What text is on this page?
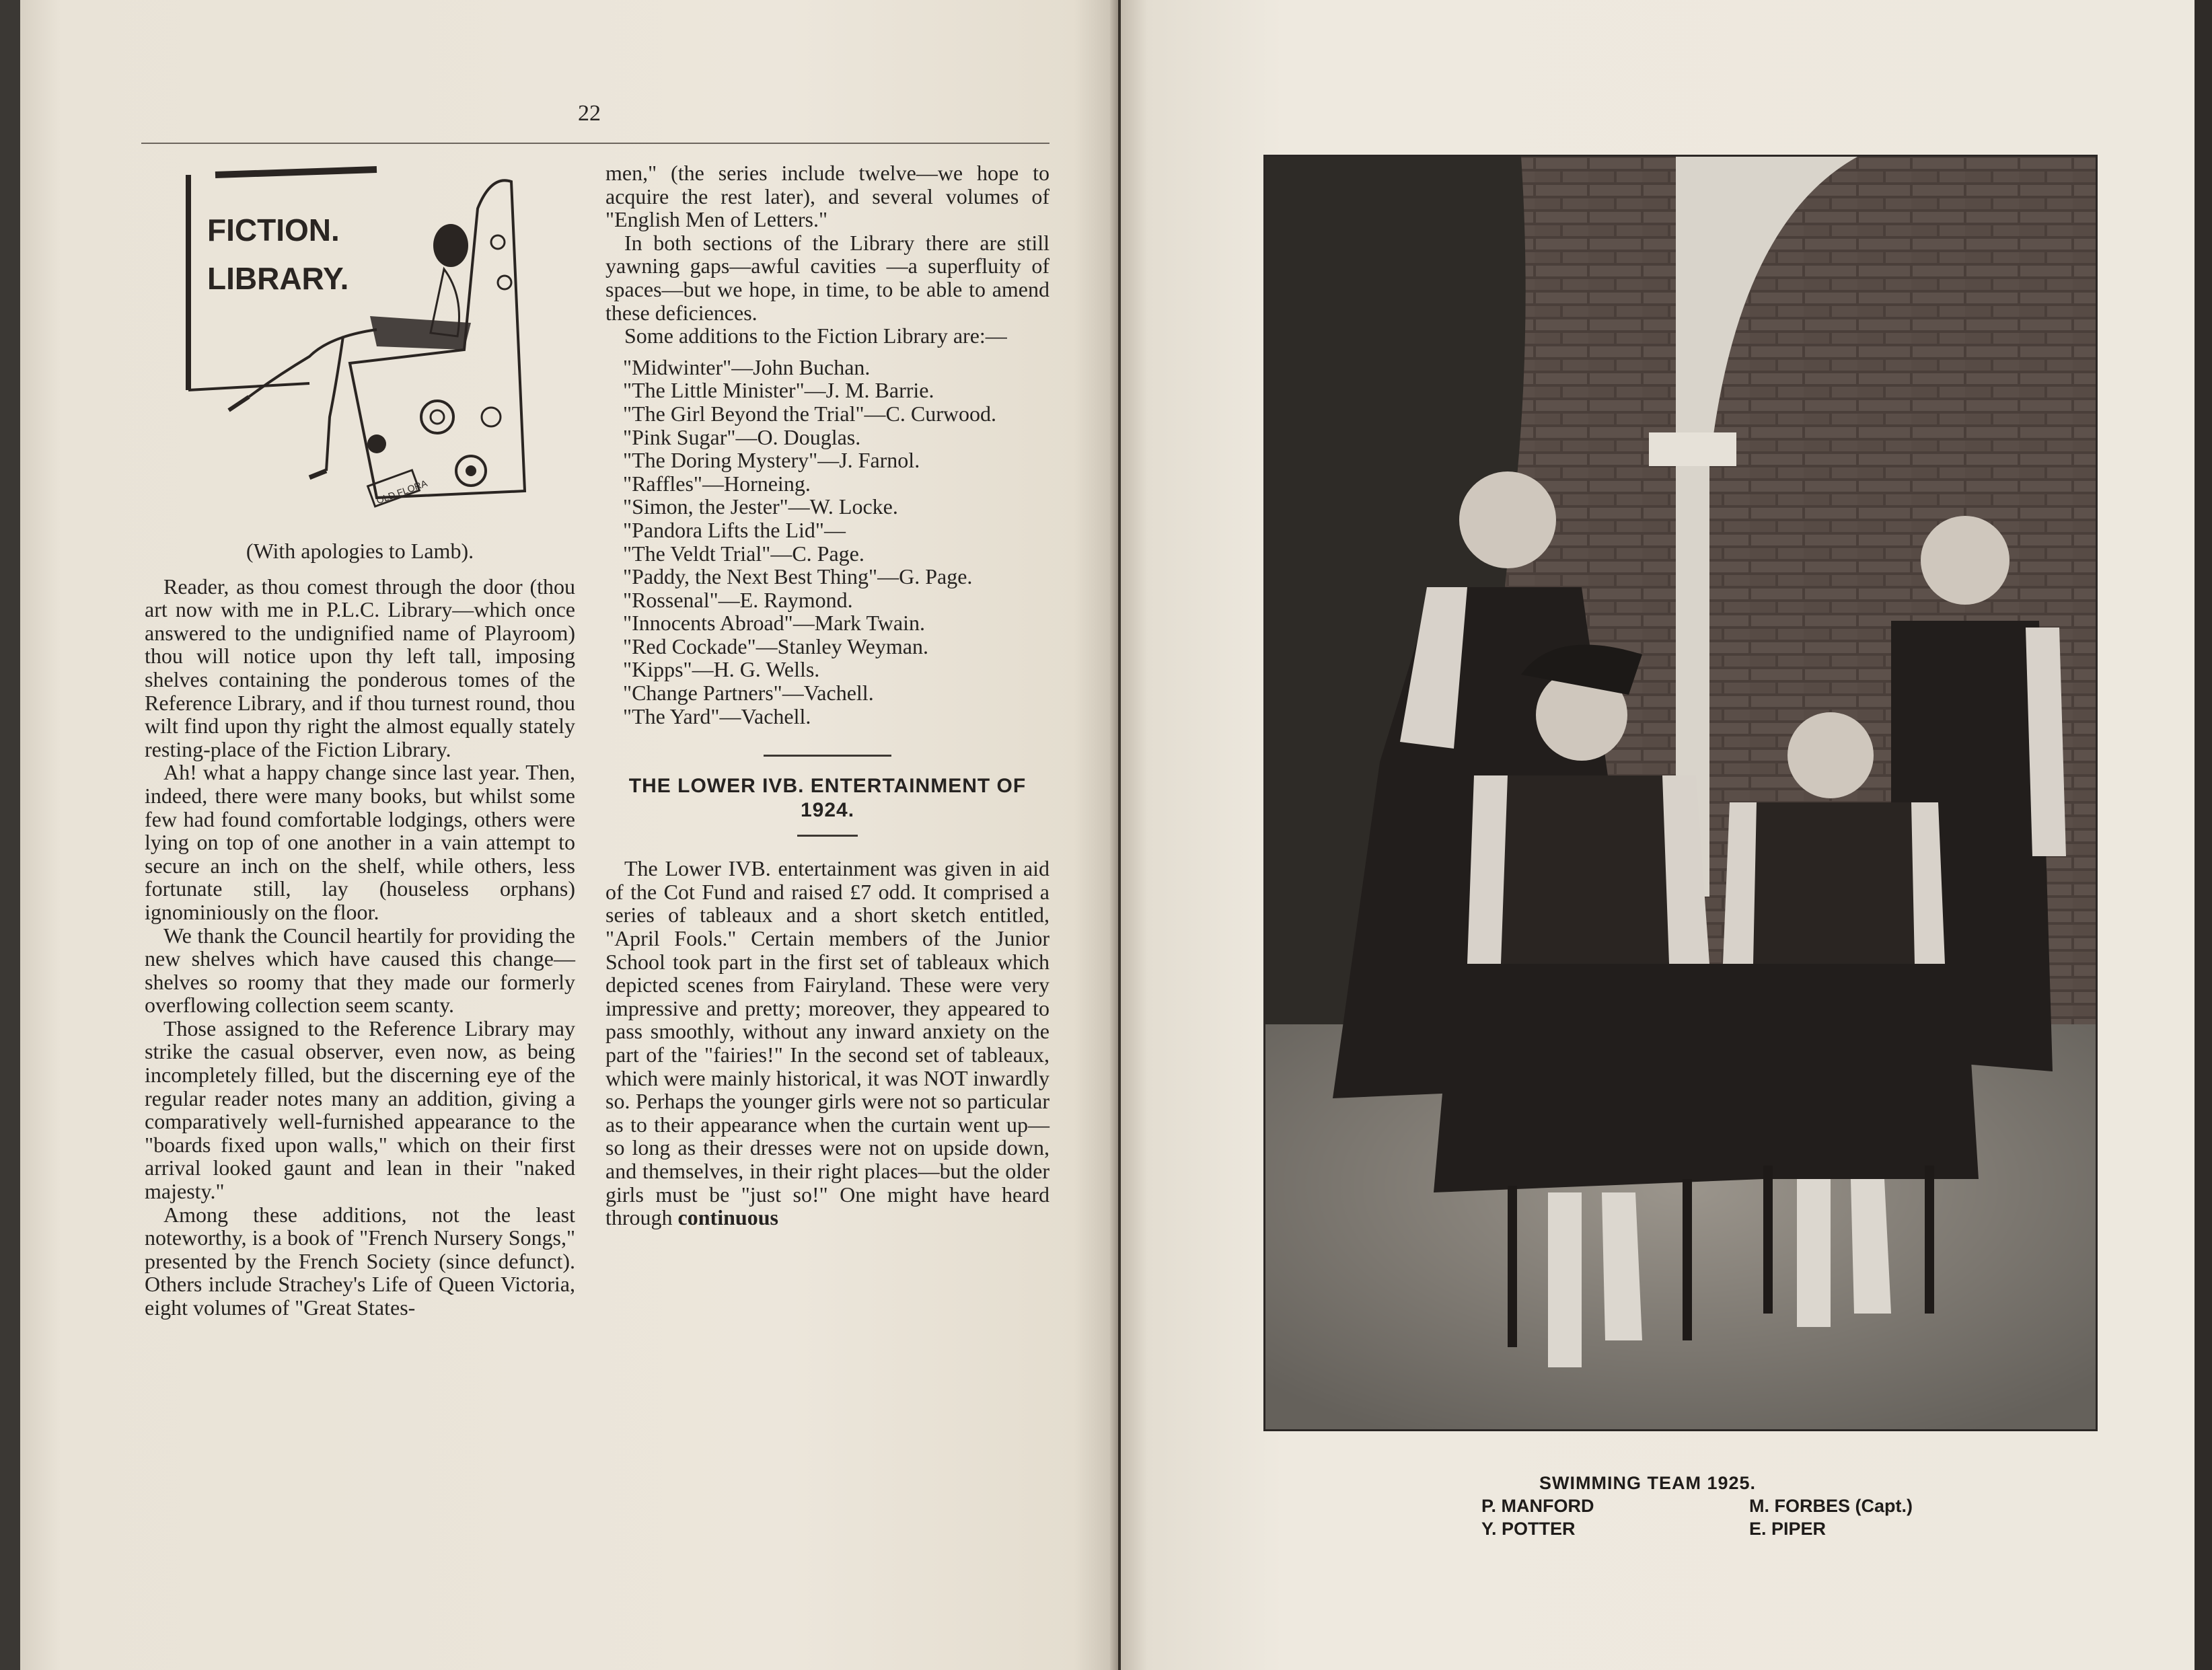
22
FICTION.
LIBRARY.
OLD FLORA

(With apologies to Lamb).

Reader, as thou comest through the door (thou art now with me in P.L.C. Library—which once answered to the undignified name of Playroom) thou will notice upon thy left tall, imposing shelves containing the ponderous tomes of the Reference Library, and if thou turnest round, thou wilt find upon thy right the almost equally stately resting-place of the Fiction Library.

Ah! what a happy change since last year. Then, indeed, there were many books, but whilst some few had found comfortable lodgings, others were lying on top of one another in a vain attempt to secure an inch on the shelf, while others, less fortunate still, lay (houseless orphans) ignominiously on the floor.

We thank the Council heartily for providing the new shelves which have caused this change—shelves so roomy that they made our formerly overflowing collection seem scanty.

Those assigned to the Reference Library may strike the casual observer, even now, as being incompletely filled, but the discerning eye of the regular reader notes many an addition, giving a comparatively well-furnished appearance to the "boards fixed upon walls," which on their first arrival looked gaunt and lean in their "naked majesty."

Among these additions, not the least noteworthy, is a book of "French Nursery Songs," presented by the French Society (since defunct). Others include Strachey's Life of Queen Victoria, eight volumes of "Great States-

men," (the series include twelve—we hope to acquire the rest later), and several volumes of "English Men of Letters."

In both sections of the Library there are still yawning gaps—awful cavities —a superfluity of spaces—but we hope, in time, to be able to amend these deficiences.

Some additions to the Fiction Library are:—

"Midwinter"—John Buchan.
"The Little Minister"—J. M. Barrie.
"The Girl Beyond the Trial"—C. Curwood.
"Pink Sugar"—O. Douglas.
"The Doring Mystery"—J. Farnol.
"Raffles"—Horneing.
"Simon, the Jester"—W. Locke.
"Pandora Lifts the Lid"—
"The Veldt Trial"—C. Page.
"Paddy, the Next Best Thing"—G. Page.
"Rossenal"—E. Raymond.
"Innocents Abroad"—Mark Twain.
"Red Cockade"—Stanley Weyman.
"Kipps"—H. G. Wells.
"Change Partners"—Vachell.
"The Yard"—Vachell.
THE LOWER IVB. ENTERTAINMENT OF 1924.

The Lower IVB. entertainment was given in aid of the Cot Fund and raised £7 odd. It comprised a series of tableaux and a short sketch entitled, "April Fools." Certain members of the Junior School took part in the first set of tableaux which depicted scenes from Fairyland. These were very impressive and pretty; moreover, they appeared to pass smoothly, without any inward anxiety on the part of the "fairies!" In the second set of tableaux, which were mainly historical, it was NOT inwardly so. Perhaps the younger girls were not so particular as to their appearance when the curtain went up—so long as their dresses were not on upside down, and themselves, in their right places—but the older girls must be "just so!" One might have heard through continuous

SWIMMING TEAM 1925.
P. MANFORD	M. FORBES (Capt.)
Y. POTTER	E. PIPER
